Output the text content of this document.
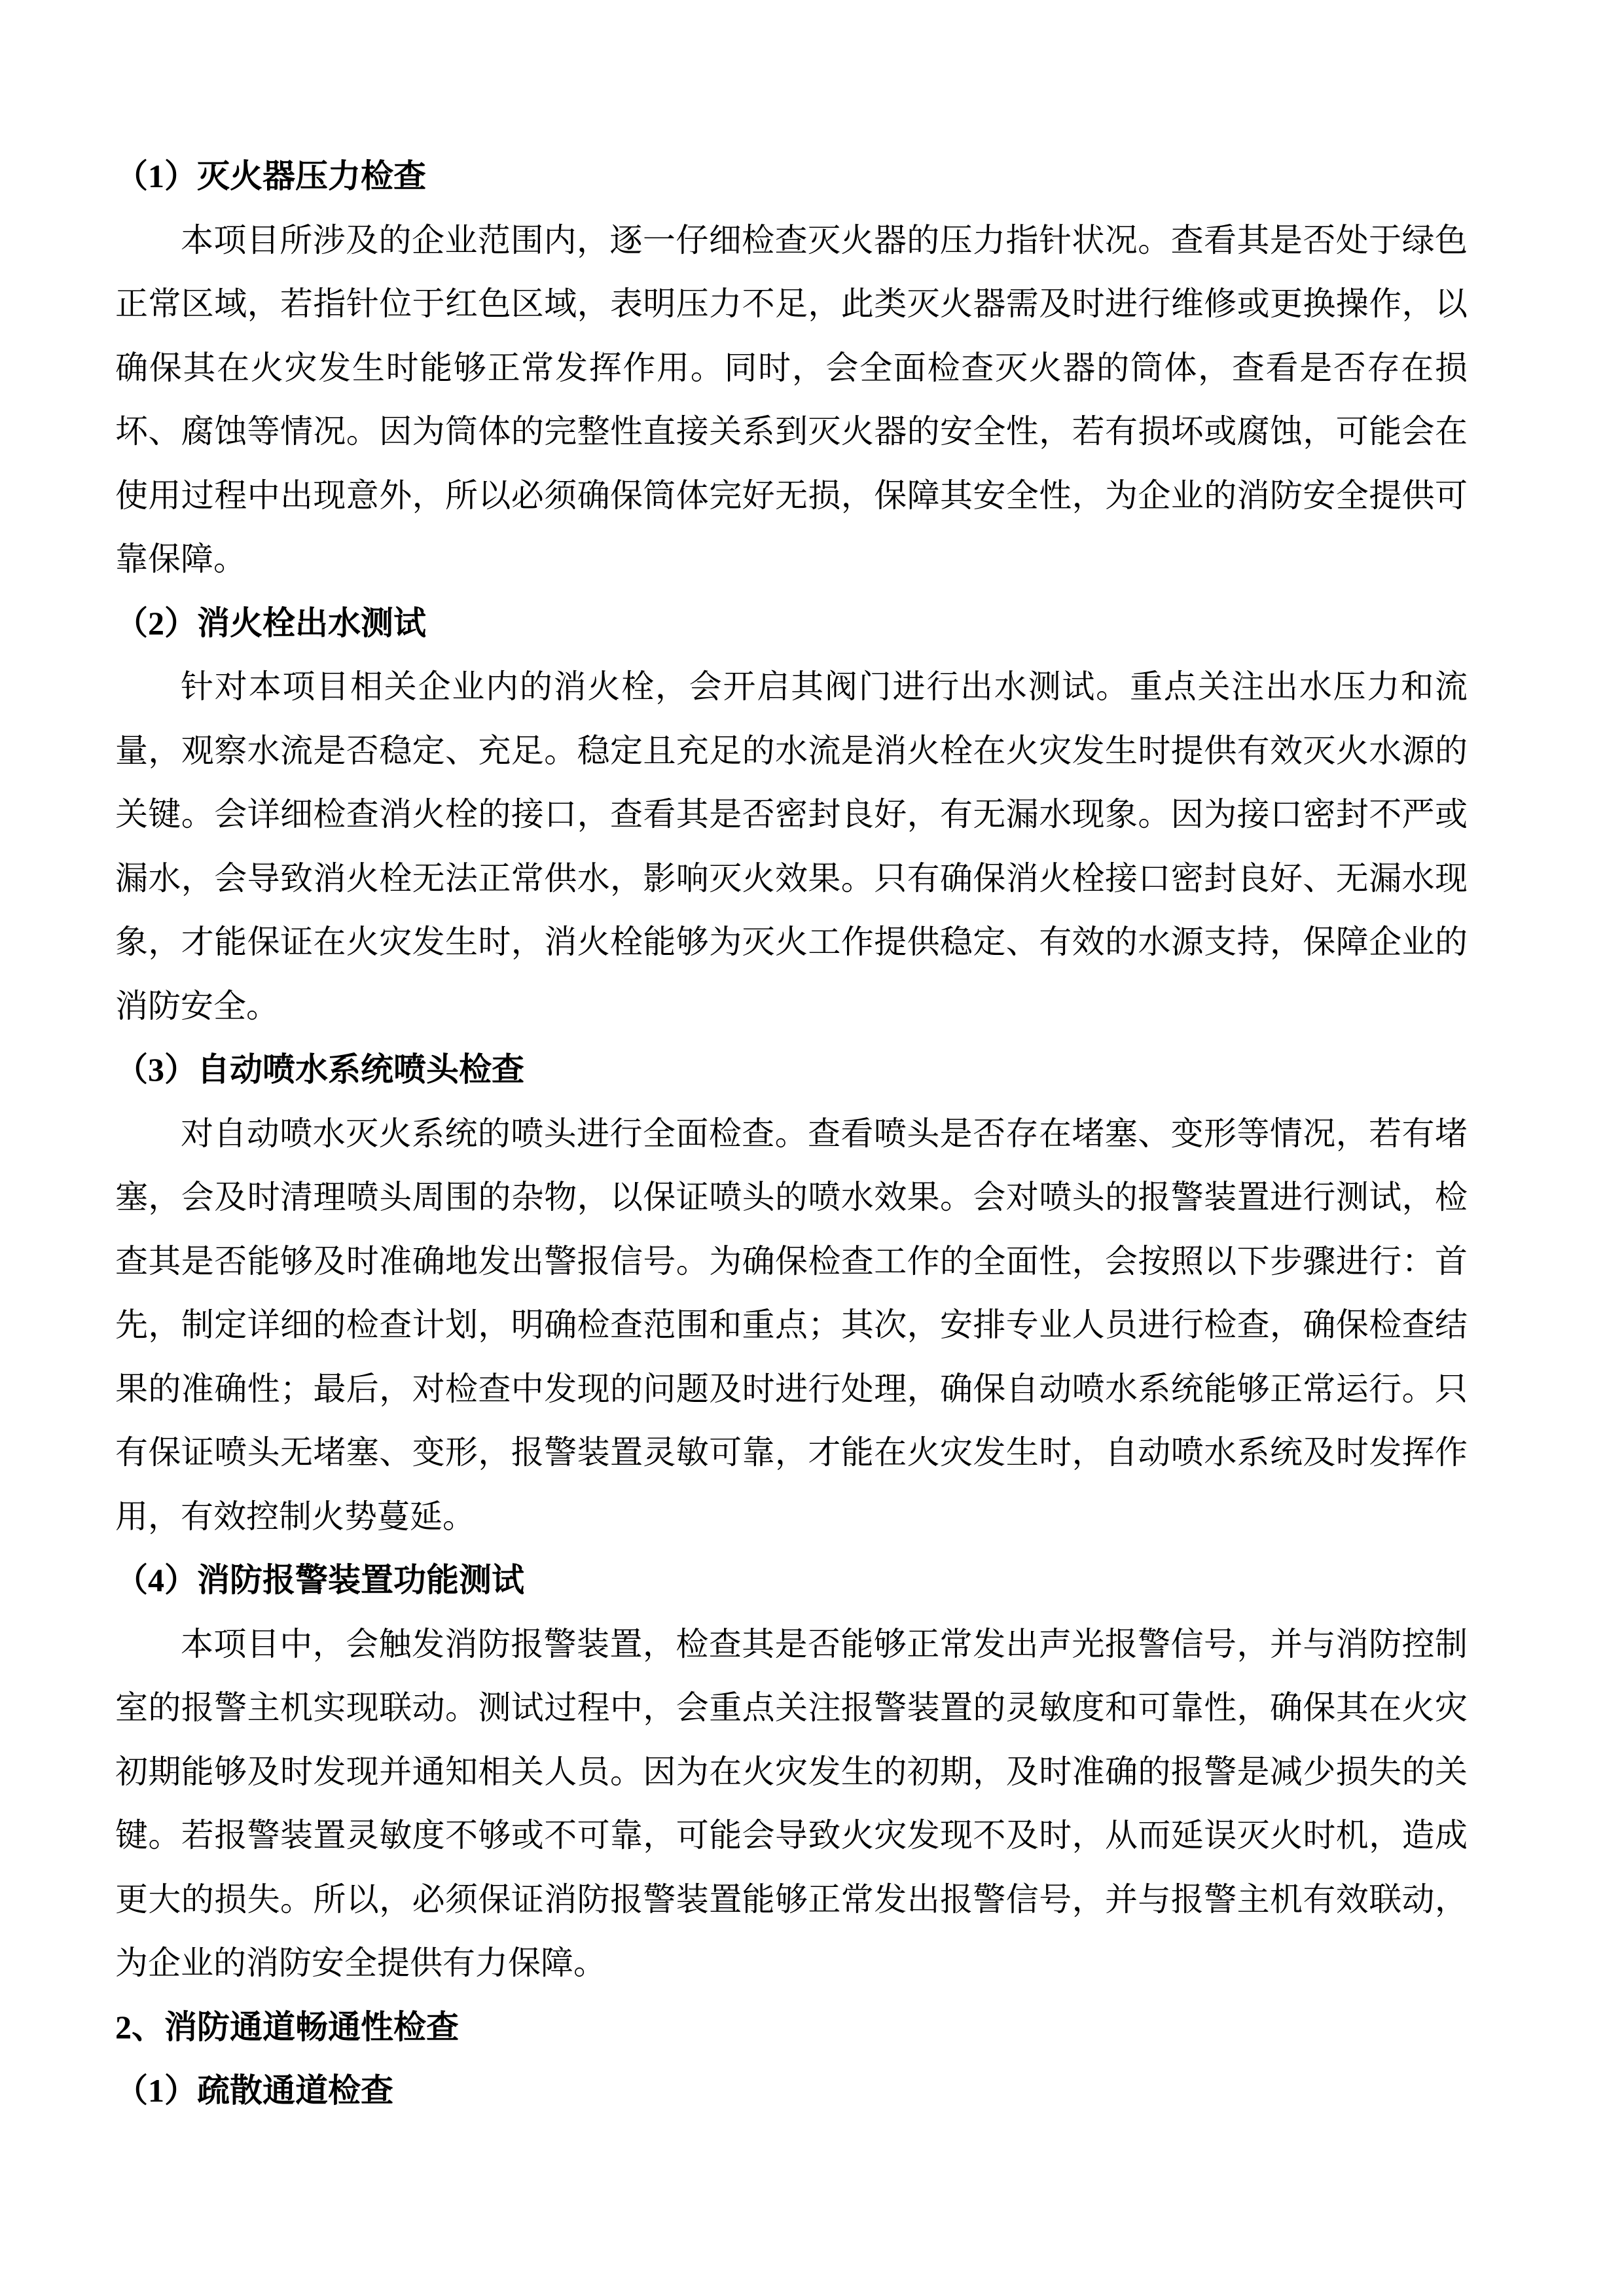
（1）灭火器压力检查

本项目所涉及的企业范围内，逐一仔细检查灭火器的压力指针状况。查看其是否处于绿色正常区域，若指针位于红色区域，表明压力不足，此类灭火器需及时进行维修或更换操作，以确保其在火灾发生时能够正常发挥作用。同时，会全面检查灭火器的筒体，查看是否存在损坏、腐蚀等情况。因为筒体的完整性直接关系到灭火器的安全性，若有损坏或腐蚀，可能会在使用过程中出现意外，所以必须确保筒体完好无损，保障其安全性，为企业的消防安全提供可靠保障。

（2）消火栓出水测试

针对本项目相关企业内的消火栓，会开启其阀门进行出水测试。重点关注出水压力和流量，观察水流是否稳定、充足。稳定且充足的水流是消火栓在火灾发生时提供有效灭火水源的关键。会详细检查消火栓的接口，查看其是否密封良好，有无漏水现象。因为接口密封不严或漏水，会导致消火栓无法正常供水，影响灭火效果。只有确保消火栓接口密封良好、无漏水现象，才能保证在火灾发生时，消火栓能够为灭火工作提供稳定、有效的水源支持，保障企业的消防安全。

（3）自动喷水系统喷头检查

对自动喷水灭火系统的喷头进行全面检查。查看喷头是否存在堵塞、变形等情况，若有堵塞，会及时清理喷头周围的杂物，以保证喷头的喷水效果。会对喷头的报警装置进行测试，检查其是否能够及时准确地发出警报信号。为确保检查工作的全面性，会按照以下步骤进行：首先，制定详细的检查计划，明确检查范围和重点；其次，安排专业人员进行检查，确保检查结果的准确性；最后，对检查中发现的问题及时进行处理，确保自动喷水系统能够正常运行。只有保证喷头无堵塞、变形，报警装置灵敏可靠，才能在火灾发生时，自动喷水系统及时发挥作用，有效控制火势蔓延。

（4）消防报警装置功能测试

本项目中，会触发消防报警装置，检查其是否能够正常发出声光报警信号，并与消防控制室的报警主机实现联动。测试过程中，会重点关注报警装置的灵敏度和可靠性，确保其在火灾初期能够及时发现并通知相关人员。因为在火灾发生的初期，及时准确的报警是减少损失的关键。若报警装置灵敏度不够或不可靠，可能会导致火灾发现不及时，从而延误灭火时机，造成更大的损失。所以，必须保证消防报警装置能够正常发出报警信号，并与报警主机有效联动，为企业的消防安全提供有力保障。

2、消防通道畅通性检查
（1）疏散通道检查
